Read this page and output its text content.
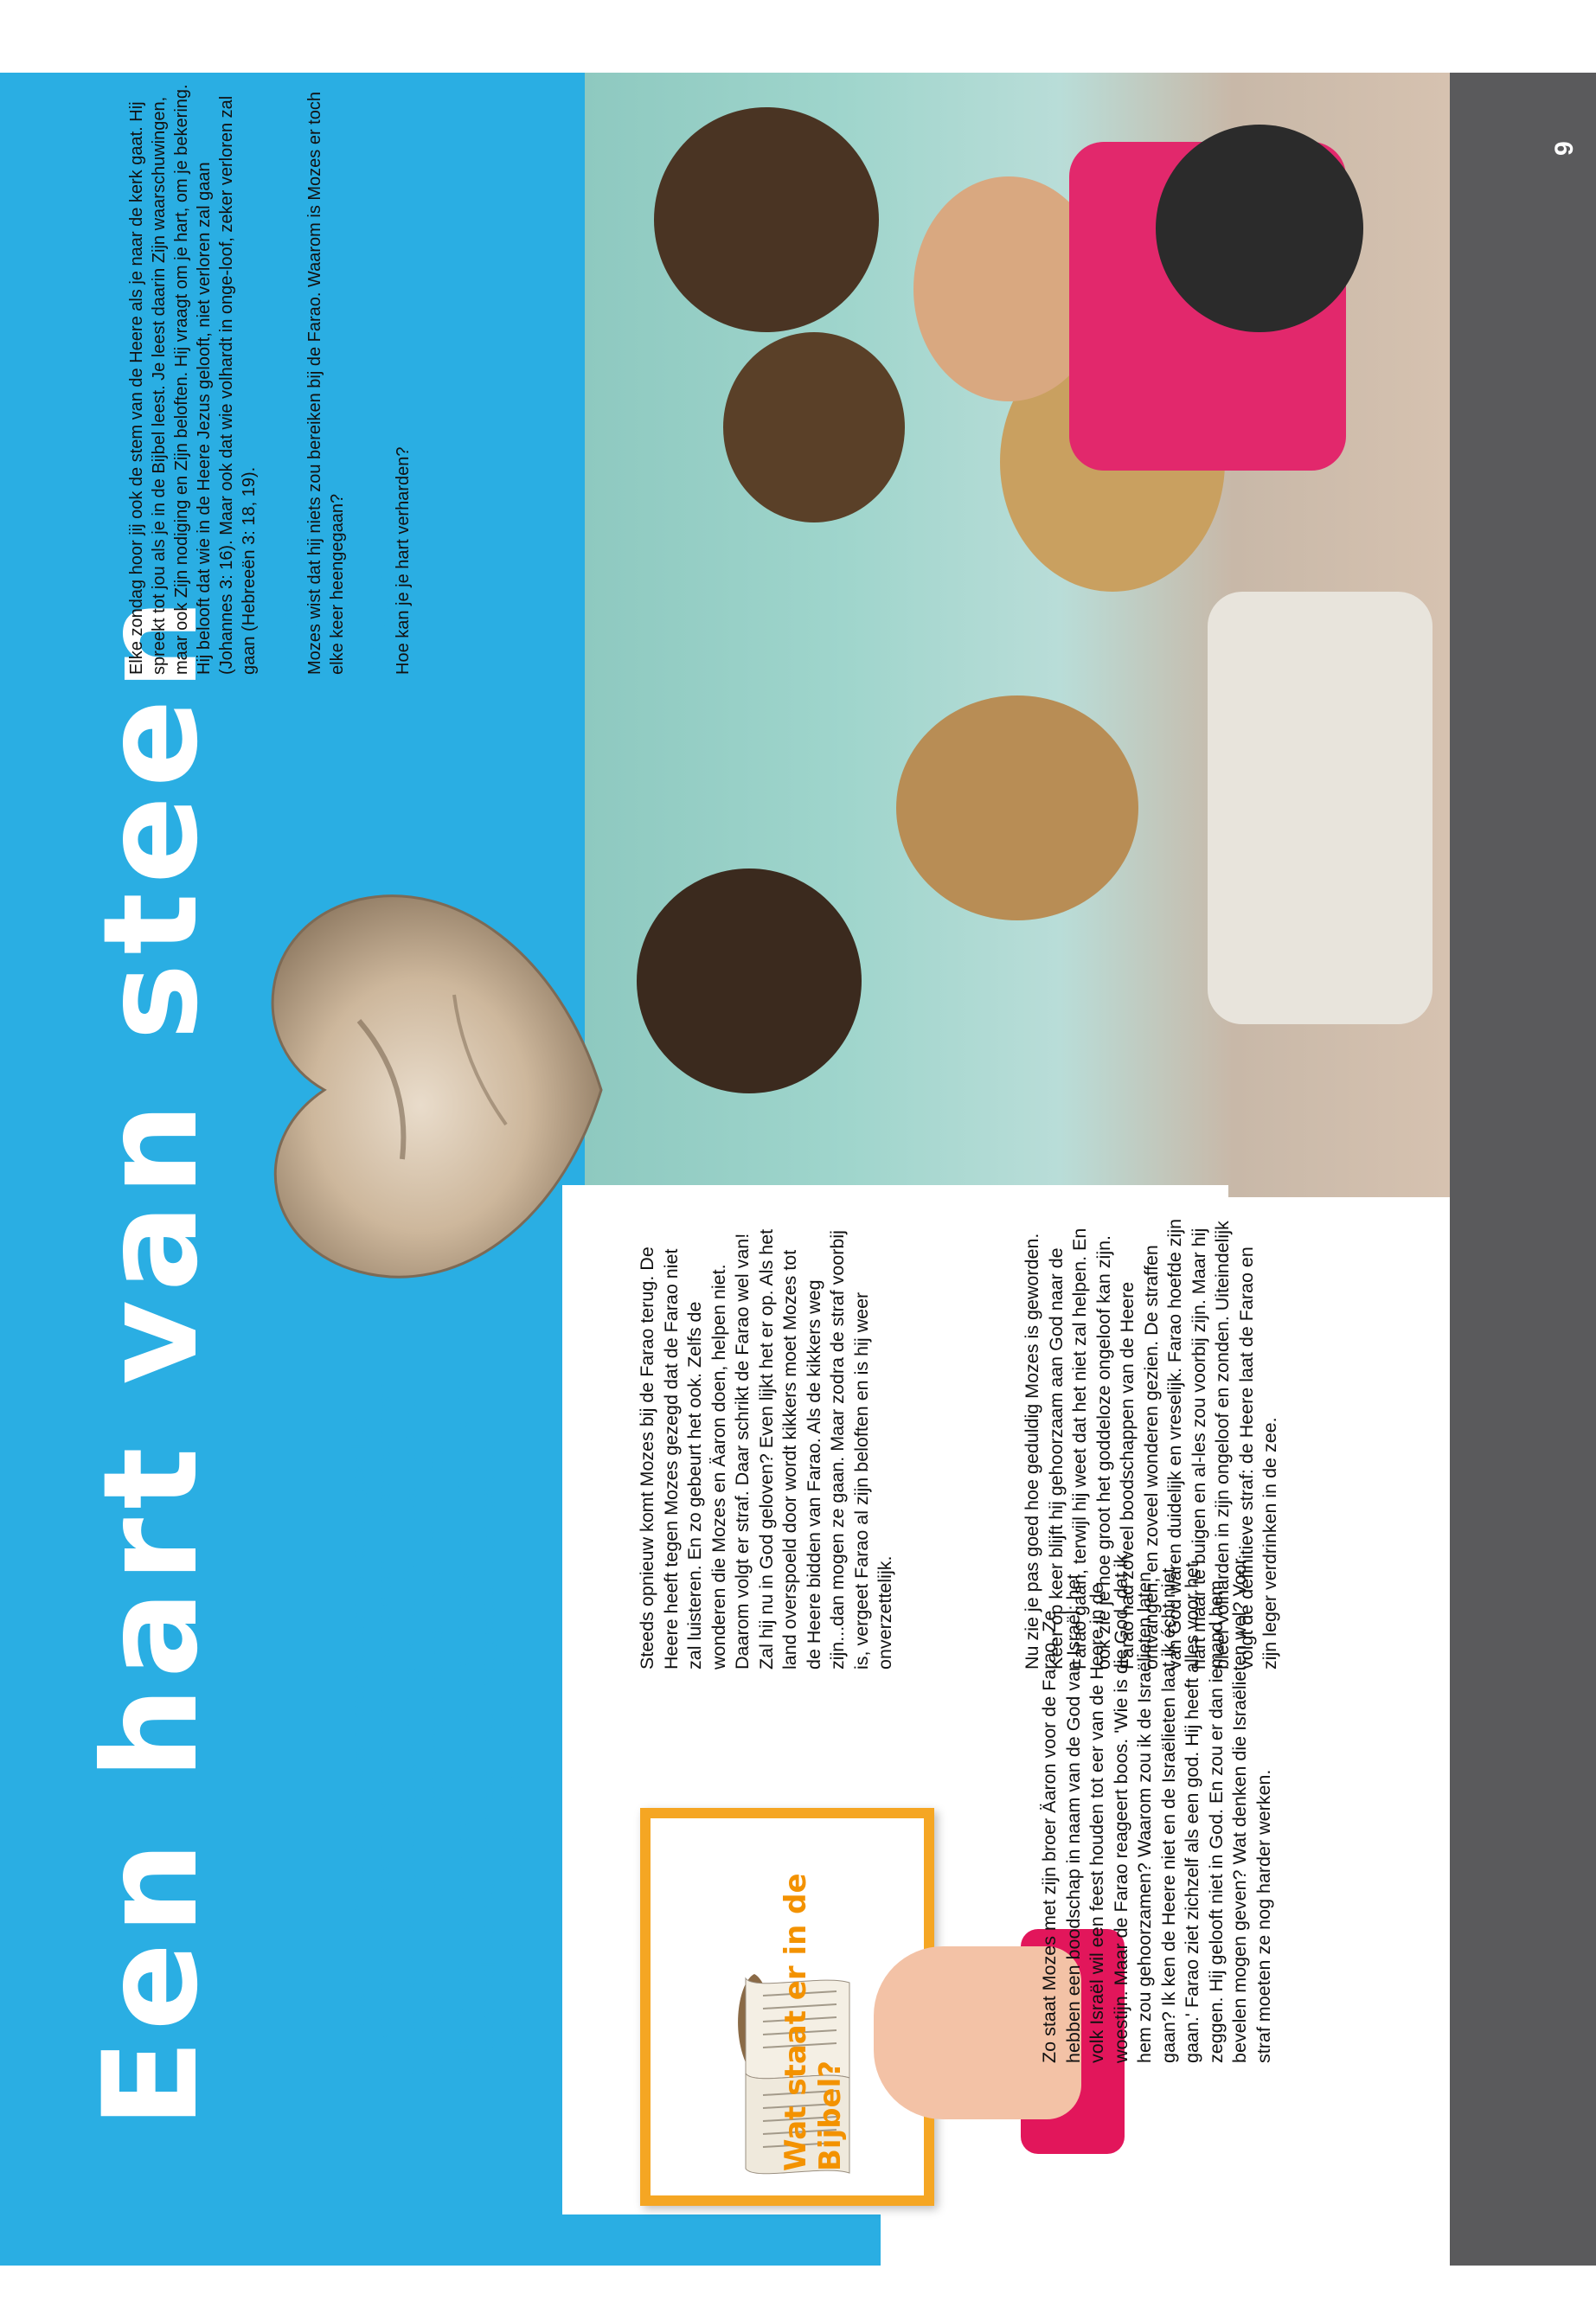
Een hart van steen	Het is jaarmarkt. In heel de stad staan kraampjes en is het een gezellige drukte. Eén van de kraampjes is een evangelisatiekraam. Er staan een paar vriendelijke vrijwilligers voor de kraam. 'Mag ik u een folder over de Bijbel aanbieden? En gelooft u in God?' lemand reageert boos. 'Of ik in God geloof? Mooi niet! Al dat godsdienstige gedoe brengt alleen maar narigheid. Ik bepaal zelf wel hoe ik mijn leven invul!' Met grote stappen loopt de persoon verder. Wat een aangrijpende reactie!	Wat staat er in de Bijbel?
Zo staat Mozes met zijn broer Äaron voor de Farao. Ze hebben een boodschap in naam van de God van Israël: het volk Israël wil een feest houden tot eer van de Heere in de woestijn. Maar de Farao reageert boos. 'Wie is die God, dat ik hem zou gehoorzamen? Waarom zou ik de Israëlieten laten gaan? Ik ken de Heere niet en de Israëlieten laat ik écht niet gaan.' Farao ziet zichzelf als een god. Hij heeft alles voor het zeggen. Hij gelooft niet in God. En zou er dan iemand hem bevelen mogen geven? Wat denken die Israëlieten wel? Voor straf moeten ze nog harder werken.
Steeds opnieuw komt Mozes bij de Farao terug. De Heere heeft tegen Mozes gezegd dat de Farao niet zal luisteren. En zo gebeurt het ook. Zelfs de wonderen die Mozes en Äaron doen, helpen niet. Daarom volgt er straf. Daar schrikt de Farao wel van! Zal hij nu in God geloven? Even lijkt het er op. Als het land overspoeld door wordt kikkers moet Mozes tot de Heere bidden van Farao. Als de kikkers weg zijn...dan mogen ze gaan. Maar zodra de straf voorbij is, vergeet Farao al zijn beloften en is hij weer onverzettelijk.	Nu zie je pas goed hoe geduldig Mozes is geworden. Keer op keer blijft hij gehoorzaam aan God naar de Farao gaan, terwijl hij weet dat het niet zal helpen. En ook zie je hoe groot het goddeloze ongeloof kan zijn. Farao had zoveel boodschappen van de Heere ontvangen, en zoveel wonderen gezien. De straffen van God waren duidelijk en vreselijk. Farao hoefde zijn hart maar te buigen en al-les zou voorbij zijn. Maar hij bleef volharden in zijn ongeloof en zonden. Uiteindelijk volgt de definitieve straf: de Heere laat de Farao en zijn leger verdrinken in de zee.

Elke zondag hoor jij ook de stem van de Heere als je naar de kerk gaat. Hij spreekt tot jou als je in de Bijbel leest. Je leest daarin Zijn waarschuwingen, maar ook Zijn nodiging en Zijn beloften. Hij vraagt om je hart, om je bekering. Hij belooft dat wie in de Heere Jezus gelooft, niet verloren zal gaan (Johannes 3: 16). Maar ook dat wie volhardt in onge-loof, zeker verloren zal gaan (Hebreeën 3: 18, 19). Vraag 1 Mozes wist dat hij niets zou bereiken bij de Farao. Waarom is Mozes er toch elke keer heengegaan? Vraag 2 Hoe kan je je hart verharden?

8
9
